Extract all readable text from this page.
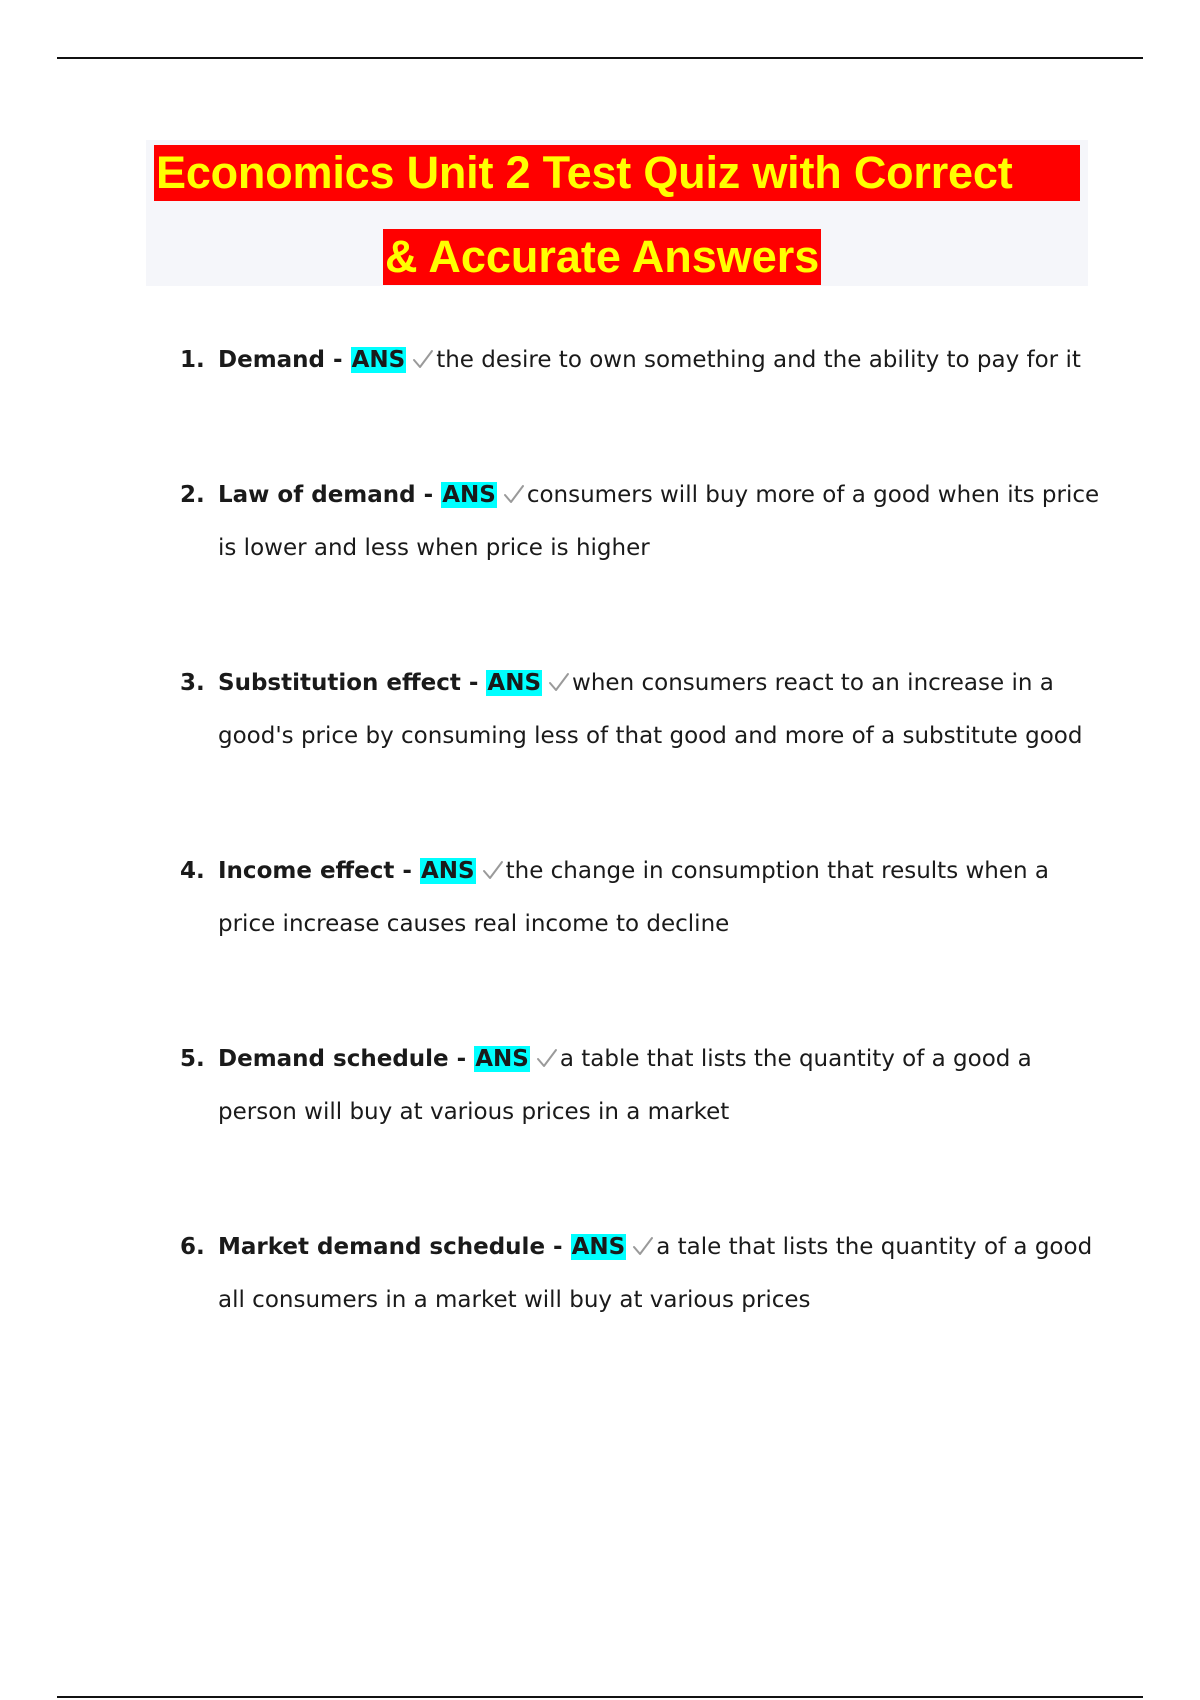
Economics Unit 2 Test Quiz with Correct
& Accurate Answers
1. Demand - ANS the desire to own something and the ability to pay for it
2. Law of demand - ANS consumers will buy more of a good when its price is lower and less when price is higher
3. Substitution effect - ANS when consumers react to an increase in a good's price by consuming less of that good and more of a substitute good
4. Income effect - ANS the change in consumption that results when a price increase causes real income to decline
5. Demand schedule - ANS a table that lists the quantity of a good a person will buy at various prices in a market
6. Market demand schedule - ANS a tale that lists the quantity of a good all consumers in a market will buy at various prices
